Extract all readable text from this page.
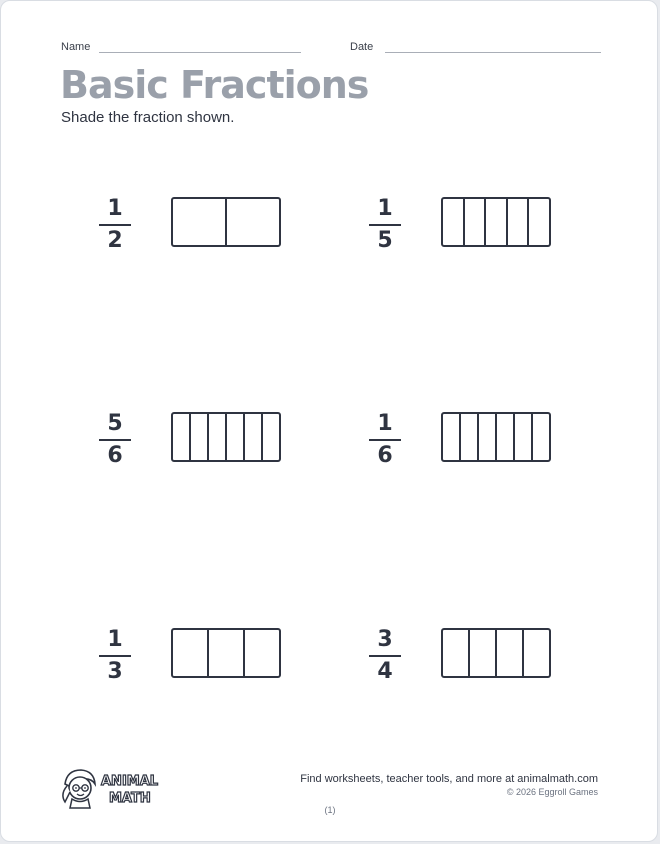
Name	Date
Basic Fractions
Shade the fraction shown.
1
2
1
5
5
6
1
6
1
3
3
4
ANIMAL
MATH
Find worksheets, teacher tools, and more at animalmath.com
© 2026 Eggroll Games
(1)
